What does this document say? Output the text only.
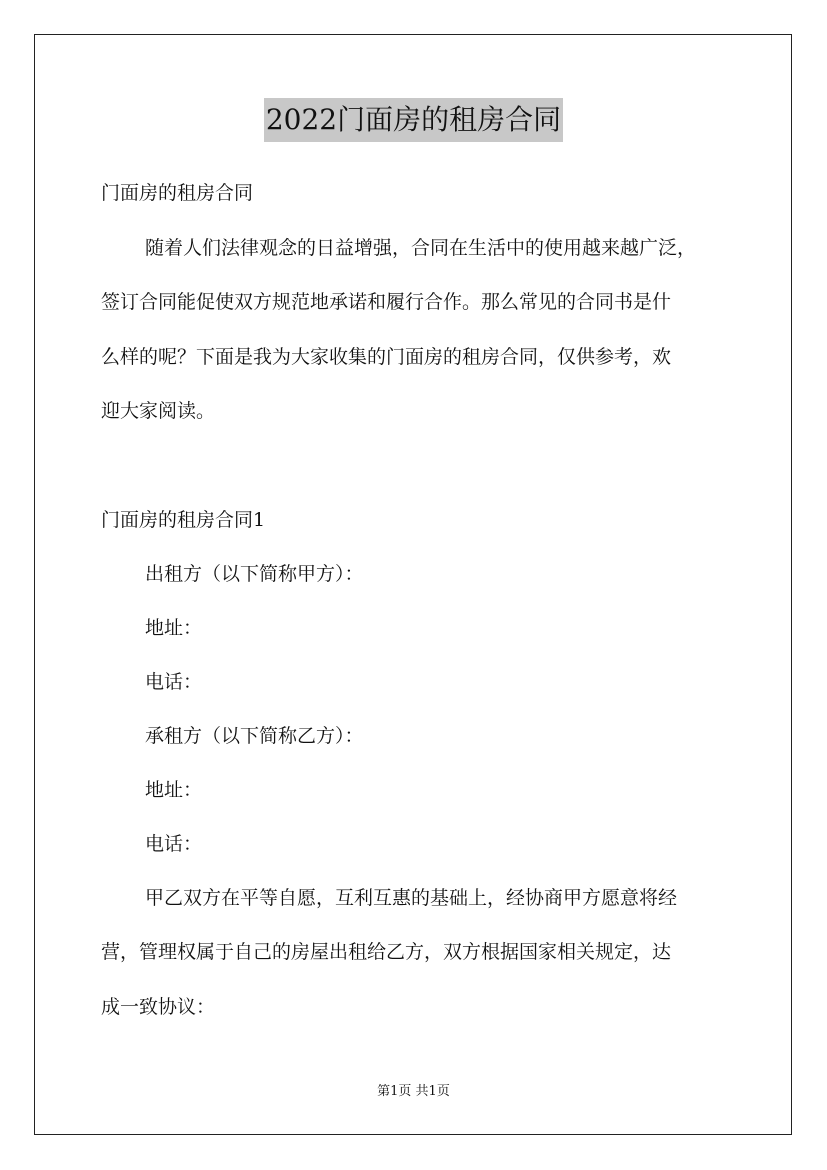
2022门面房的租房合同
门面房的租房合同
随着人们法律观念的日益增强，合同在生活中的使用越来越广泛，
签订合同能促使双方规范地承诺和履行合作。那么常见的合同书是什
么样的呢？下面是我为大家收集的门面房的租房合同，仅供参考，欢
迎大家阅读。
门面房的租房合同1
出租方（以下简称甲方）：
地址：
电话：
承租方（以下简称乙方）：
地址：
电话：
甲乙双方在平等自愿，互利互惠的基础上，经协商甲方愿意将经
营，管理权属于自己的房屋出租给乙方，双方根据国家相关规定，达
成一致协议：
第1页 共1页
